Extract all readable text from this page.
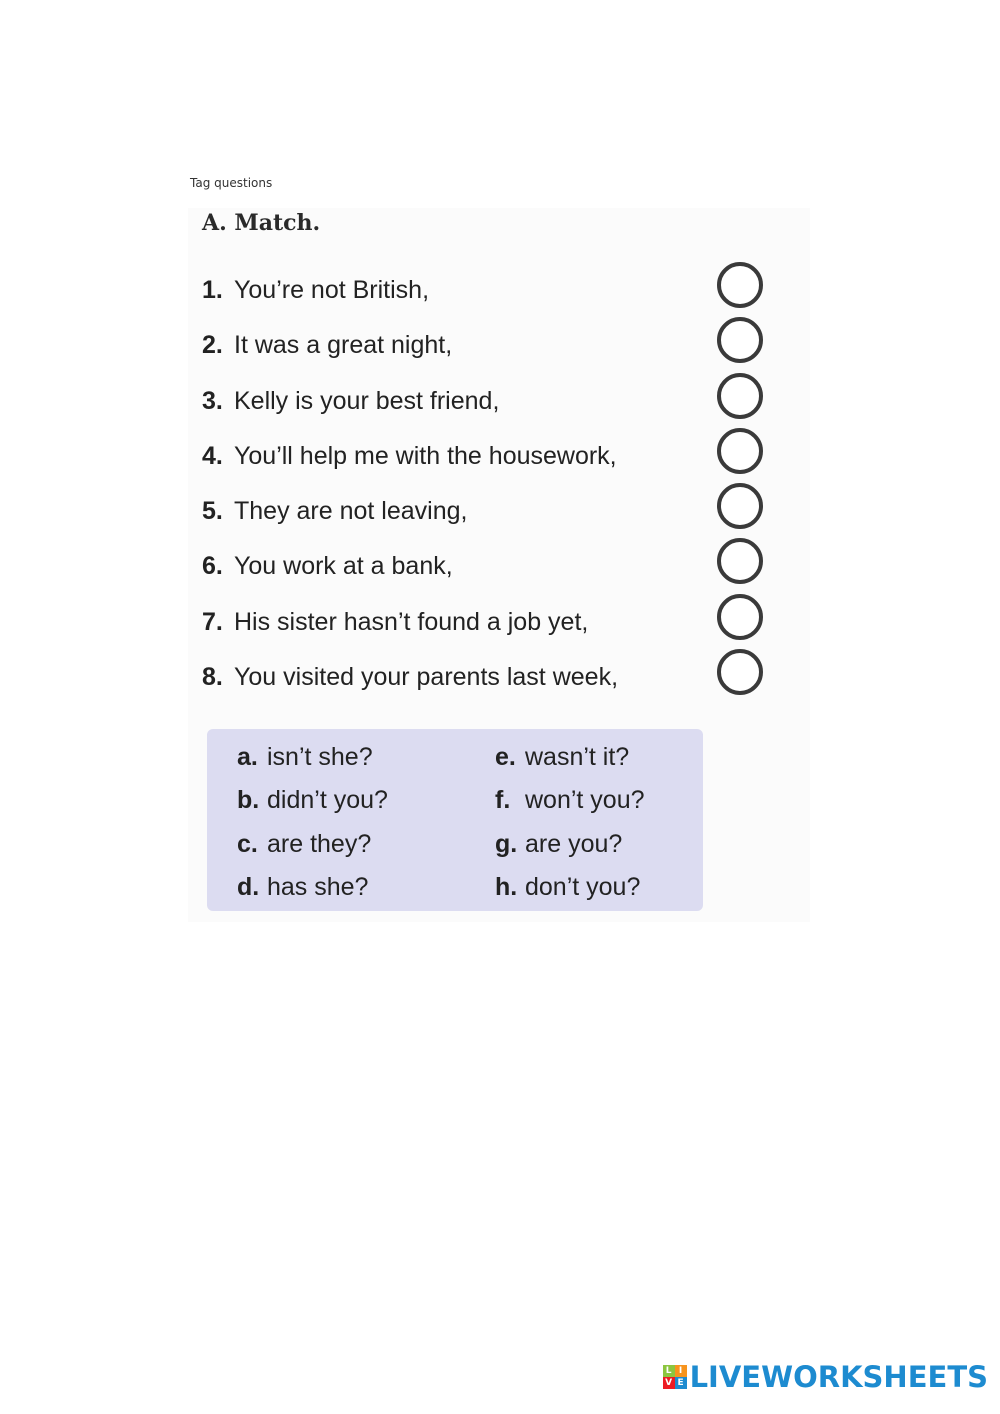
Tag questions
A. Match.
1. You’re not British,
2. It was a great night,
3. Kelly is your best friend,
4. You’ll help me with the housework,
5. They are not leaving,
6. You work at a bank,
7. His sister hasn’t found a job yet,
8. You visited your parents last week,
a. isn’t she?
b. didn’t you?
c. are they?
d. has she?
e. wasn’t it?
f. won’t you?
g. are you?
h. don’t you?
L I
V E LIVEWORKSHEETS
